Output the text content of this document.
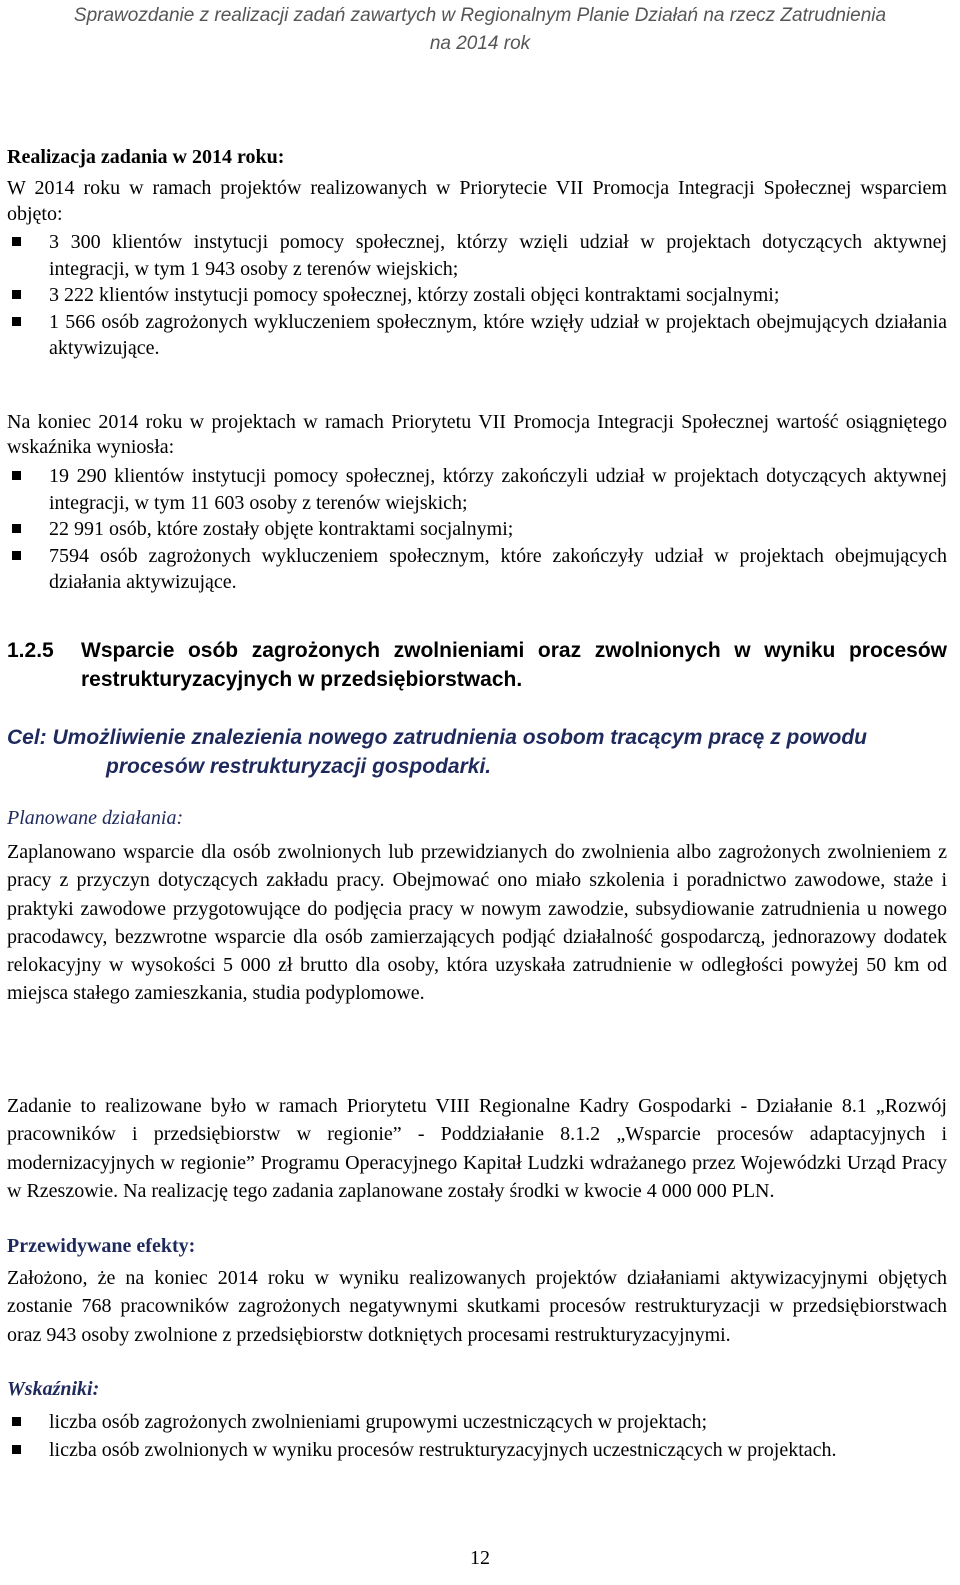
Sprawozdanie z realizacji zadań zawartych w Regionalnym Planie Działań na rzecz Zatrudnienia
na 2014 rok
Realizacja zadania w 2014 roku:
W 2014 roku w ramach projektów realizowanych w Priorytecie VII Promocja Integracji Społecznej wsparciem objęto:
3 300 klientów instytucji pomocy społecznej, którzy wzięli udział w projektach dotyczących aktywnej integracji, w tym 1 943 osoby z terenów wiejskich;
3 222 klientów instytucji pomocy społecznej, którzy zostali objęci kontraktami socjalnymi;
1 566 osób zagrożonych wykluczeniem społecznym, które wzięły udział w projektach obejmujących działania aktywizujące.
Na koniec 2014 roku w projektach w ramach Priorytetu VII Promocja Integracji Społecznej wartość osiągniętego wskaźnika wyniosła:
19 290 klientów instytucji pomocy społecznej, którzy zakończyli udział w projektach dotyczących aktywnej integracji, w tym 11 603 osoby z terenów wiejskich;
22 991 osób, które zostały objęte kontraktami socjalnymi;
7594 osób zagrożonych wykluczeniem społecznym, które zakończyły udział w projektach obejmujących działania aktywizujące.
1.2.5	Wsparcie osób zagrożonych zwolnieniami oraz zwolnionych w wyniku procesów restrukturyzacyjnych w przedsiębiorstwach.
Cel: Umożliwienie znalezienia nowego zatrudnienia osobom tracącym pracę z powodu
procesów restrukturyzacji gospodarki.
Planowane działania:
Zaplanowano wsparcie dla osób zwolnionych lub przewidzianych do zwolnienia albo zagrożonych zwolnieniem z pracy z przyczyn dotyczących zakładu pracy. Obejmować ono miało szkolenia i poradnictwo zawodowe, staże i praktyki zawodowe przygotowujące do podjęcia pracy w nowym zawodzie, subsydiowanie zatrudnienia u nowego pracodawcy, bezzwrotne wsparcie dla osób zamierzających podjąć działalność gospodarczą, jednorazowy dodatek relokacyjny w wysokości 5 000 zł brutto dla osoby, która uzyskała zatrudnienie w odległości powyżej 50 km od miejsca stałego zamieszkania, studia podyplomowe.
Zadanie to realizowane było w ramach Priorytetu VIII Regionalne Kadry Gospodarki - Działanie 8.1 „Rozwój pracowników i przedsiębiorstw w regionie” - Poddziałanie 8.1.2 „Wsparcie procesów adaptacyjnych i modernizacyjnych w regionie” Programu Operacyjnego Kapitał Ludzki wdrażanego przez Wojewódzki Urząd Pracy w Rzeszowie. Na realizację tego zadania zaplanowane zostały środki w kwocie 4 000 000 PLN.
Przewidywane efekty:
Założono, że na koniec 2014 roku w wyniku realizowanych projektów działaniami aktywizacyjnymi objętych zostanie 768 pracowników zagrożonych negatywnymi skutkami procesów restrukturyzacji w przedsiębiorstwach oraz 943 osoby zwolnione z przedsiębiorstw dotkniętych procesami restrukturyzacyjnymi.
Wskaźniki:
liczba osób zagrożonych zwolnieniami grupowymi uczestniczących w projektach;
liczba osób zwolnionych w wyniku procesów restrukturyzacyjnych uczestniczących w projektach.
12
